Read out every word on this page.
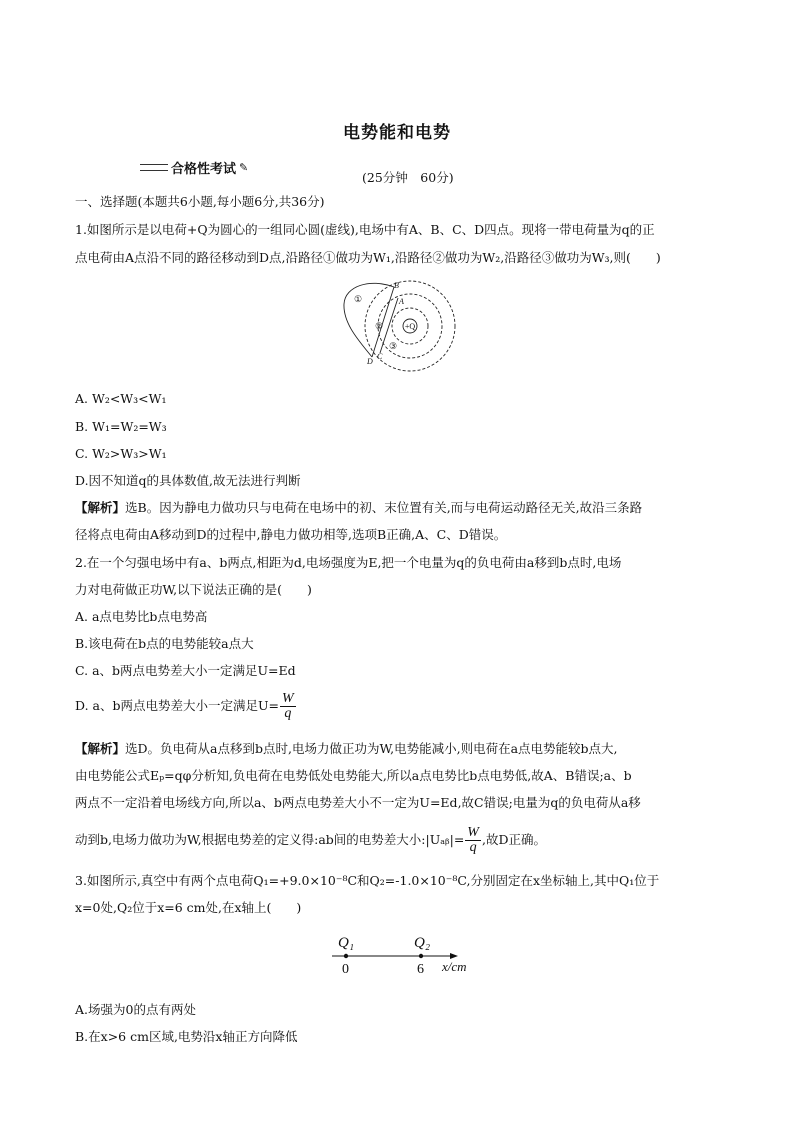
电势能和电势
合格性考试 ✎
(25分钟　60分)
一、选择题(本题共6小题,每小题6分,共36分)
1.如图所示是以电荷+Q为圆心的一组同心圆(虚线),电场中有A、B、C、D四点。现将一带电荷量为q的正
点电荷由A点沿不同的路径移动到D点,沿路径①做功为W₁,沿路径②做功为W₂,沿路径③做功为W₃,则(　　)
+Q
B
A
C
D
①
②
③
A. W₂<W₃<W₁
B. W₁=W₂=W₃
C. W₂>W₃>W₁
D.因不知道q的具体数值,故无法进行判断
【解析】选B。因为静电力做功只与电荷在电场中的初、末位置有关,而与电荷运动路径无关,故沿三条路
径将点电荷由A移动到D的过程中,静电力做功相等,选项B正确,A、C、D错误。
2.在一个匀强电场中有a、b两点,相距为d,电场强度为E,把一个电量为q的负电荷由a移到b点时,电场
力对电荷做正功W,以下说法正确的是(　　)
A. a点电势比b点电势高
B.该电荷在b点的电势能较a点大
C. a、b两点电势差大小一定满足U=Ed
D. a、b两点电势差大小一定满足$U= \frac{W}{q}$
【解析】选D。负电荷从a点移到b点时,电场力做正功为W,电势能减小,则电荷在a点电势能较b点大,
由电势能公式Eₚ=qφ分析知,负电荷在电势低处电势能大,所以a点电势比b点电势低,故A、B错误;a、b
两点不一定沿着电场线方向,所以a、b两点电势差大小不一定为U=Ed,故C错误;电量为q的负电荷从a移
动到b,电场力做功为W,根据电势差的定义得:ab间的电势差大小:|Uₐᵦ|= $\frac{W}{q}$ ,故D正确。
3.如图所示,真空中有两个点电荷Q₁=+9.0×10⁻⁸C和Q₂=-1.0×10⁻⁸C,分别固定在x坐标轴上,其中Q₁位于
x=0处,Q₂位于x=6 cm处,在x轴上(　　)
Q₁	Q₂
0	6 x/cm
A.场强为0的点有两处
B.在x>6 cm区域,电势沿x轴正方向降低
